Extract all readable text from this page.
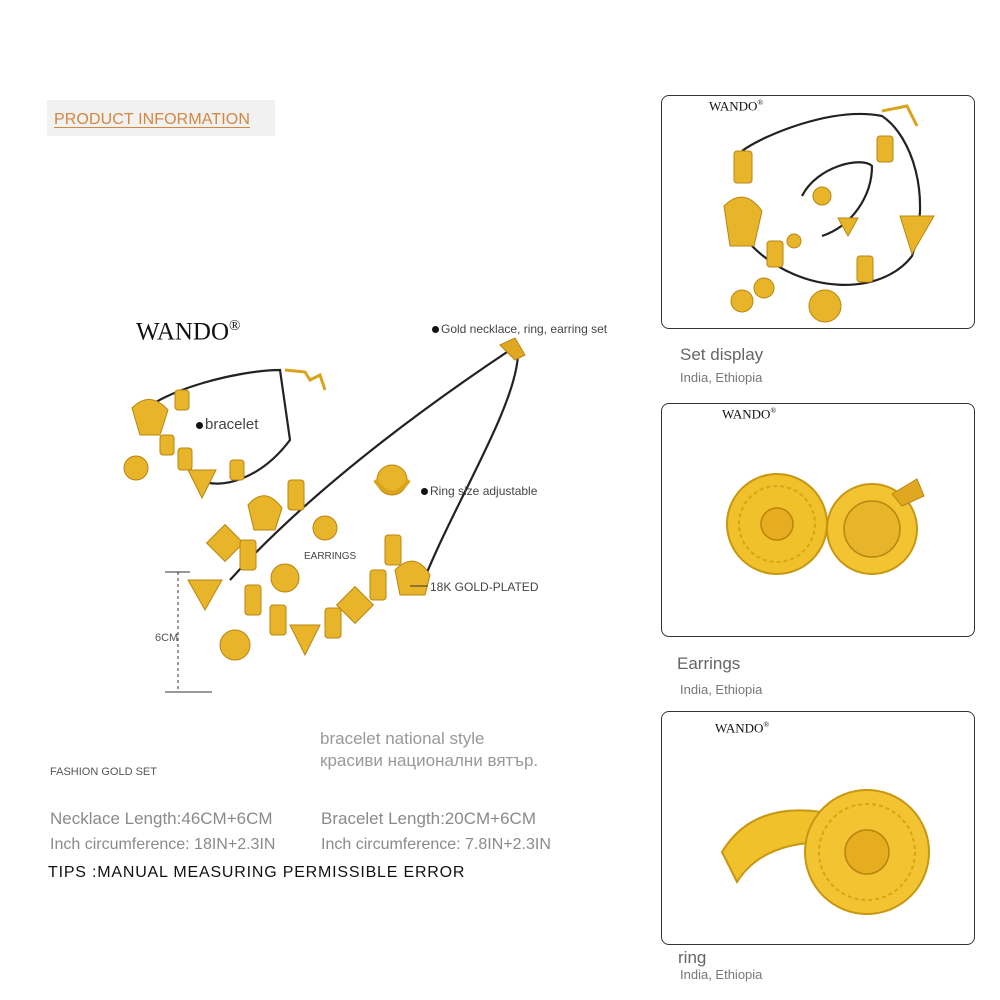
PRODUCT INFORMATION
WANDO®	Gold necklace, ring, earring set
bracelet
Ring size adjustable
EARRINGS
18K GOLD-PLATED
6CM
bracelet national style
красиви национални вятър.
FASHION GOLD SET
Necklace Length:46CM+6CM	Bracelet Length:20CM+6CM
Inch circumference: 18IN+2.3IN	Inch circumference: 7.8IN+2.3IN
TIPS :MANUAL MEASURING PERMISSIBLE ERROR
WANDO®
Set display
India, Ethiopia
WANDO®
Earrings
India, Ethiopia
WANDO®
ring
India, Ethiopia
